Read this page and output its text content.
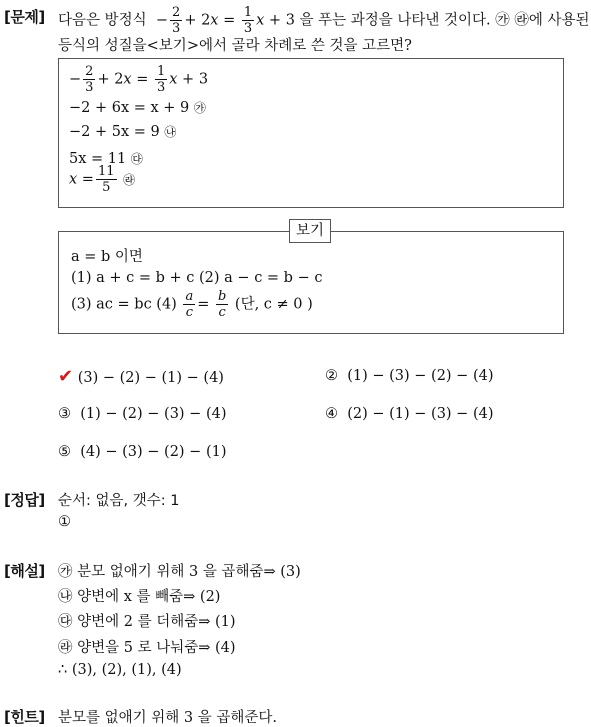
[문제] 다음은 방정식  − $\frac{2}{3} + 2x = \frac{1}{3}$ x + 3 을 푸는 과정을 나타낸 것이다. ㉮ ㉱에 사용된
등식의 성질을<보기>에서 골라 차례로 쓴 것을 고르면?
− $\frac{2}{3} + 2x = \frac{1}{3}$ x + 3
−2 + 6x = x + 9 ㉮
−2 + 5x = 9 ㉯
5x = 11 ㉰
$x = \frac{11}{5}$ ㉱
보기
a = b 이면
(1) a + c = b + c (2) a − c = b − c
(3) ac = bc $(4) \frac{a}{c} = \frac{b}{c}$ (단, c ≠ 0 )
✔ (3) − (2) − (1) − (4)	② (1) − (3) − (2) − (4)
③ (1) − (2) − (3) − (4)	④ (2) − (1) − (3) − (4)
⑤ (4) − (3) − (2) − (1)
[정답] 순서: 없음, 갯수: 1
①
[해설] ㉮ 분모 없애기 위해 3 을 곱해줌⇒ (3)
㉯ 양변에 x 를 빼줌⇒ (2)
㉰ 양변에 2 를 더해줌⇒ (1)
㉱ 양변을 5 로 나눠줌⇒ (4)
∴ (3), (2), (1), (4)
[힌트] 분모를 없애기 위해 3 을 곱해준다.
